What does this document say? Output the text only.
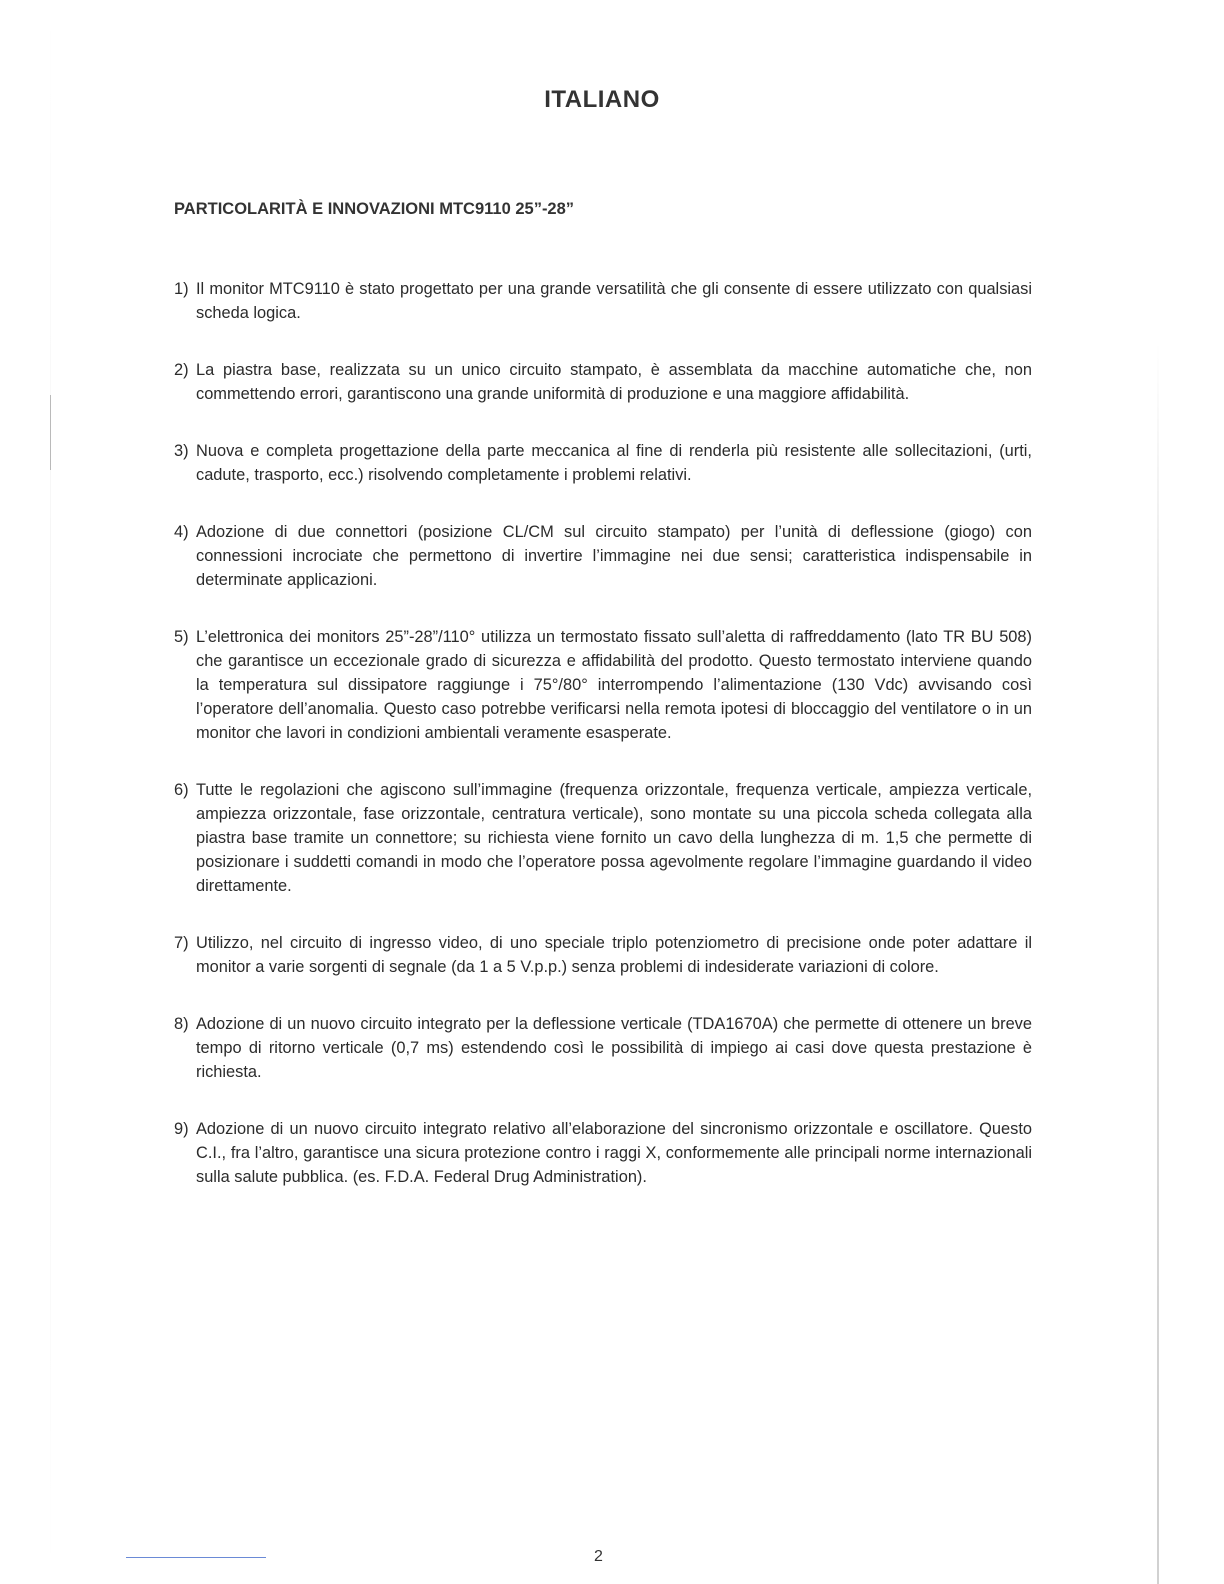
ITALIANO
PARTICOLARITÀ E INNOVAZIONI MTC9110 25”-28”
1) Il monitor MTC9110 è stato progettato per una grande versatilità che gli consente di essere utilizzato con qualsiasi scheda logica.
2) La piastra base, realizzata su un unico circuito stampato, è assemblata da macchine automatiche che, non commettendo errori, garantiscono una grande uniformità di produzione e una maggiore affidabilità.
3) Nuova e completa progettazione della parte meccanica al fine di renderla più resistente alle sollecitazioni, (urti, cadute, trasporto, ecc.) risolvendo completamente i problemi relativi.
4) Adozione di due connettori (posizione CL/CM sul circuito stampato) per l’unità di deflessione (giogo) con connessioni incrociate che permettono di invertire l’immagine nei due sensi; caratteristica indispensabile in determinate applicazioni.
5) L’elettronica dei monitors 25”-28”/110° utilizza un termostato fissato sull’aletta di raffreddamento (lato TR BU 508) che garantisce un eccezionale grado di sicurezza e affidabilità del prodotto. Questo termostato interviene quando la temperatura sul dissipatore raggiunge i 75°/80° interrompendo l’alimentazione (130 Vdc) avvisando così l’operatore dell’anomalia. Questo caso potrebbe verificarsi nella remota ipotesi di bloccaggio del ventilatore o in un monitor che lavori in condizioni ambientali veramente esasperate.
6) Tutte le regolazioni che agiscono sull’immagine (frequenza orizzontale, frequenza verticale, ampiezza verticale, ampiezza orizzontale, fase orizzontale, centratura verticale), sono montate su una piccola scheda collegata alla piastra base tramite un connettore; su richiesta viene fornito un cavo della lunghezza di m. 1,5 che permette di posizionare i suddetti comandi in modo che l’operatore possa agevolmente regolare l’immagine guardando il video direttamente.
7) Utilizzo, nel circuito di ingresso video, di uno speciale triplo potenziometro di precisione onde poter adattare il monitor a varie sorgenti di segnale (da 1 a 5 V.p.p.) senza problemi di indesiderate variazioni di colore.
8) Adozione di un nuovo circuito integrato per la deflessione verticale (TDA1670A) che permette di ottenere un breve tempo di ritorno verticale (0,7 ms) estendendo così le possibilità di impiego ai casi dove questa prestazione è richiesta.
9) Adozione di un nuovo circuito integrato relativo all’elaborazione del sincronismo orizzontale e oscillatore. Questo C.I., fra l’altro, garantisce una sicura protezione contro i raggi X, conformemente alle principali norme internazionali sulla salute pubblica. (es. F.D.A. Federal Drug Administration).
2
